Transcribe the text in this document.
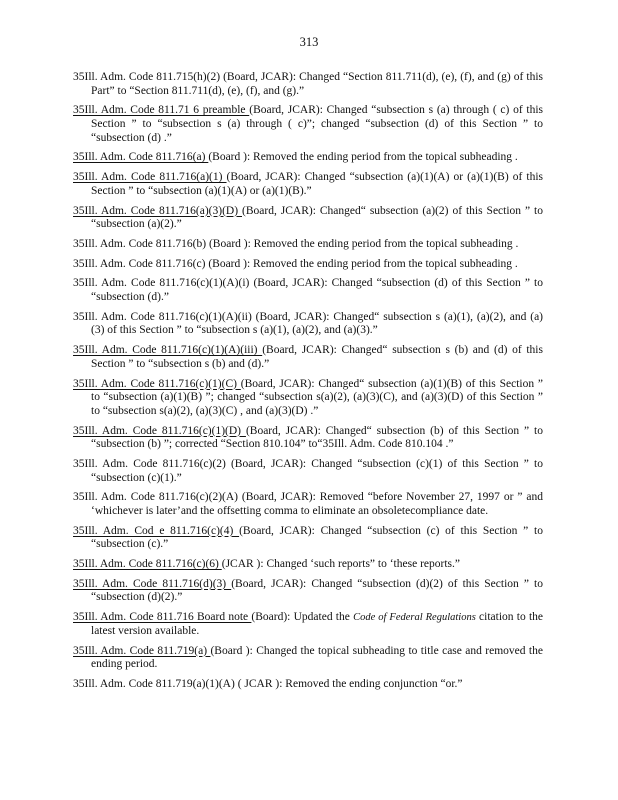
313

35Ill. Adm. Code 811.715(h)(2) (Board, JCAR): Changed “Section 811.711(d), (e), (f), and (g) of this Part” to “Section 811.711(d), (e), (f), and (g).”

35Ill. Adm. Code 811.71 6 preamble (Board, JCAR): Changed “subsection s (a) through ( c) of this Section ” to “subsection s (a) through ( c)”; changed “subsection (d) of this Section ” to “subsection (d) .”

35Ill. Adm. Code 811.716(a) (Board ): Removed the ending period from the topical subheading .

35Ill. Adm. Code 811.716(a)(1) (Board, JCAR): Changed “subsection (a)(1)(A) or (a)(1)(B) of this Section ” to “subsection (a)(1)(A) or (a)(1)(B).”

35Ill. Adm. Code 811.716(a)(3)(D) (Board, JCAR): Changed“ subsection (a)(2) of this Section ” to “subsection (a)(2).”

35Ill. Adm. Code 811.716(b) (Board ): Removed the ending period from the topical subheading .

35Ill. Adm. Code 811.716(c) (Board ): Removed the ending period from the topical subheading .

35Ill. Adm. Code 811.716(c)(1)(A)(i) (Board, JCAR): Changed “subsection (d) of this Section ” to “subsection (d).”

35Ill. Adm. Code 811.716(c)(1)(A)(ii) (Board, JCAR): Changed“ subsection s (a)(1), (a)(2), and (a)(3) of this Section ” to “subsection s (a)(1), (a)(2), and (a)(3).”

35Ill. Adm. Code 811.716(c)(1)(A)(iii) (Board, JCAR): Changed“ subsection s (b) and (d) of this Section ” to “subsection s (b) and (d).”

35Ill. Adm. Code 811.716(c)(1)(C) (Board, JCAR): Changed“ subsection (a)(1)(B) of this Section ” to “subsection (a)(1)(B) ”; changed “subsection s(a)(2), (a)(3)(C), and (a)(3)(D) of this Section ” to “subsection s(a)(2), (a)(3)(C) , and (a)(3)(D) .”

35Ill. Adm. Code 811.716(c)(1)(D) (Board, JCAR): Changed“ subsection (b) of this Section ” to “subsection (b) ”; corrected “Section 810.104” to“35Ill. Adm. Code 810.104 .”

35Ill. Adm. Code 811.716(c)(2) (Board, JCAR): Changed “subsection (c)(1) of this Section ” to “subsection (c)(1).”

35Ill. Adm. Code 811.716(c)(2)(A) (Board, JCAR): Removed “before November 27, 1997 or ” and ‘whichever is later’and the offsetting comma to eliminate an obsoletecompliance date.

35Ill. Adm. Cod e 811.716(c)(4) (Board, JCAR): Changed “subsection (c) of this Section ” to “subsection (c).”

35Ill. Adm. Code 811.716(c)(6) (JCAR ): Changed ‘such reports” to ‘these reports.”

35Ill. Adm. Code 811.716(d)(3) (Board, JCAR): Changed “subsection (d)(2) of this Section ” to “subsection (d)(2).”

35Ill. Adm. Code 811.716 Board note (Board): Updated the Code of Federal Regulations citation to the latest version available.

35Ill. Adm. Code 811.719(a) (Board ): Changed the topical subheading to title case and removed the ending period.

35Ill. Adm. Code 811.719(a)(1)(A) ( JCAR ): Removed the ending conjunction “or.”
